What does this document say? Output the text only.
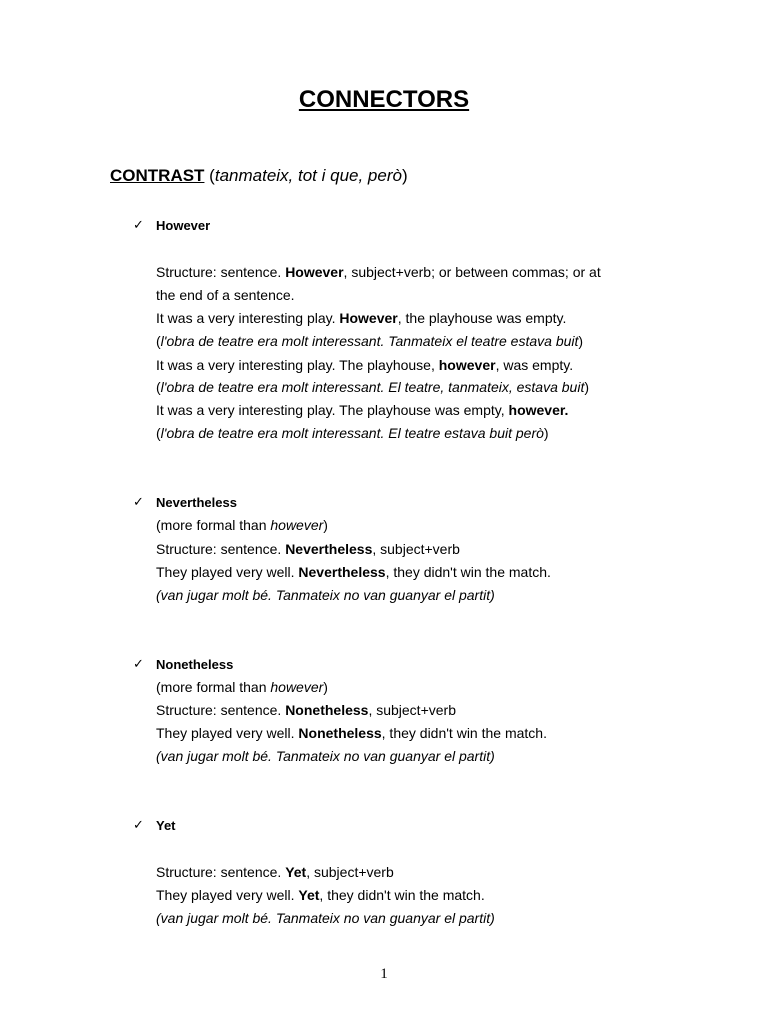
CONNECTORS
CONTRAST (tanmateix, tot i que, però)
✓ However
Structure: sentence. However, subject+verb; or between commas; or at
the end of a sentence.
It was a very interesting play. However, the playhouse was empty.
(l'obra de teatre era molt interessant. Tanmateix el teatre estava buit)
It was a very interesting play. The playhouse, however, was empty.
(l'obra de teatre era molt interessant. El teatre, tanmateix, estava buit)
It was a very interesting play. The playhouse was empty, however.
(l'obra de teatre era molt interessant. El teatre estava buit però)
✓ Nevertheless
(more formal than however)
Structure: sentence. Nevertheless, subject+verb
They played very well. Nevertheless, they didn't win the match.
(van jugar molt bé. Tanmateix no van guanyar el partit)
✓ Nonetheless
(more formal than however)
Structure: sentence. Nonetheless, subject+verb
They played very well. Nonetheless, they didn't win the match.
(van jugar molt bé. Tanmateix no van guanyar el partit)
✓ Yet
Structure: sentence. Yet, subject+verb
They played very well. Yet, they didn't win the match.
(van jugar molt bé. Tanmateix no van guanyar el partit)
1
